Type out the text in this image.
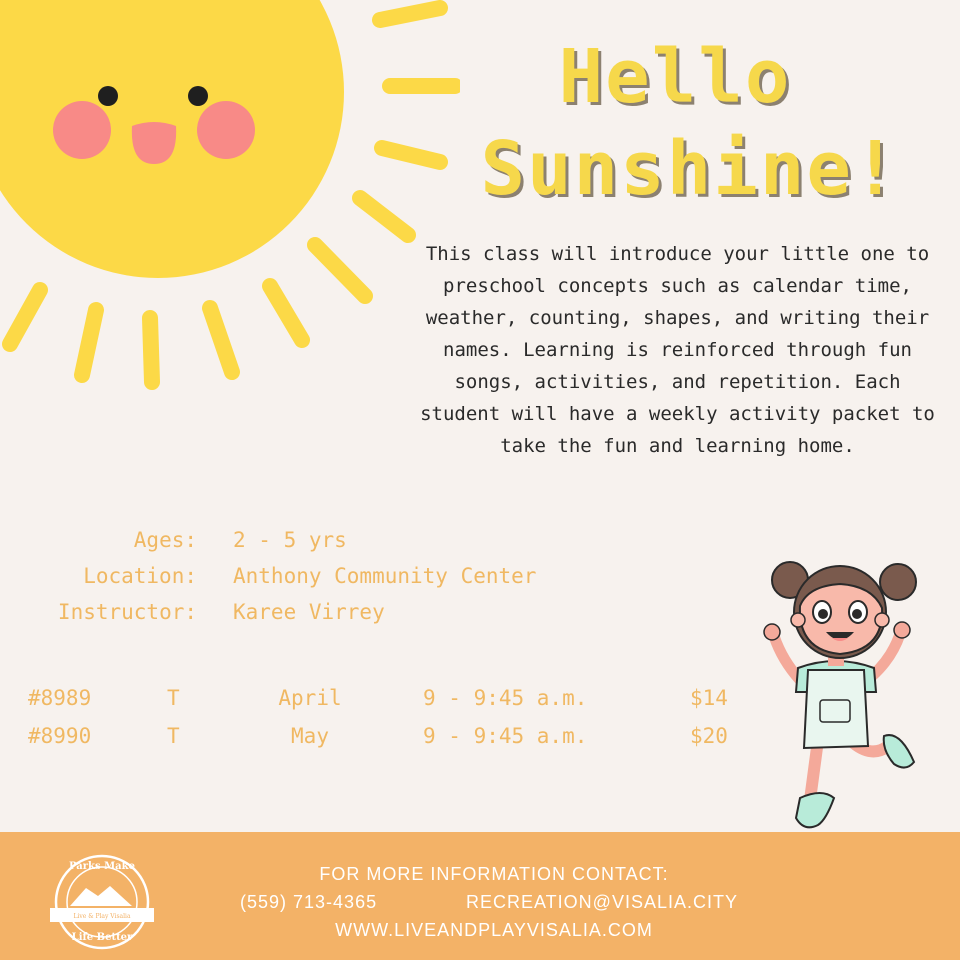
Hello
Sunshine!

This class will introduce your little one to preschool concepts such as calendar time, weather, counting, shapes, and writing their names. Learning is reinforced through fun songs, activities, and repetition. Each student will have a weekly activity packet to take the fun and learning home.

Ages: 2 - 5 yrs
Location: Anthony Community Center
Instructor: Karee Virrey
#8989	T	April	9 - 9:45 a.m.	$14
#8990	T	May	9 - 9:45 a.m.	$20
Parks Make
Live & Play Visalia
Life Better
FOR MORE INFORMATION CONTACT:
(559) 713-4365	RECREATION@VISALIA.CITY
WWW.LIVEANDPLAYVISALIA.COM
